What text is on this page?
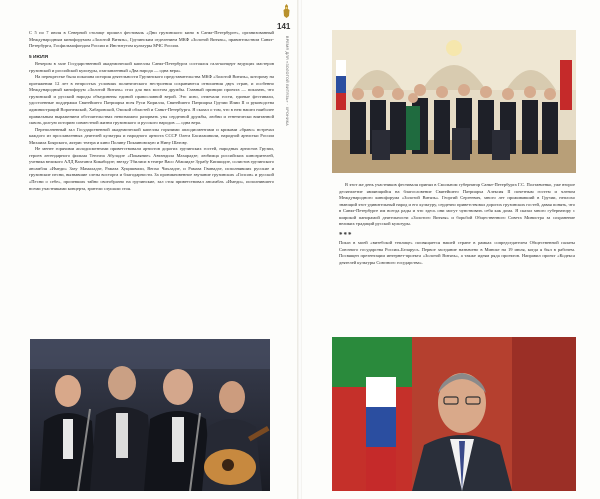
С 5 по 7 июля в Северной столице прошел фестиваль «Дни грузинского кино в Санкт-Петербурге», организованный Международным кинофорумом «Золотой Витязь», Грузинским отделением МКФ «Золотой Витязь», правительством Санкт-Петербурга, Госфильмофондом России и Институтом культуры МЧС России.

5 ИЮЛЯ

Вечером в зале Государственной академической капеллы Санкт-Петербурга состоялся гала-концерт ведущих мастеров грузинской и российской культуры, озаглавленный «Два народа — одна вера».

На перекрестке была показана история деятельности Грузинского представительства МКФ «Золотой Витязь», которому на протяжении 12 лет в непростых условиях политического нестроения сохраняются отношения двух стран, и особенно Международный кинофорум «Золотой Витязь» стал для них мостом дружбы. Главный принцип проекта — показать, что грузинский и русский народы объединены единой православной верой. Это ясно, отмечали гости, единые фестивали, удостоенные поддержки Святейшего Патриарха всея Руси Кирилла, Святейшего Патриарха Грузии Илии II и руководства администраций Воронежской, Хабаровской, Омской областей и Санкт-Петербурга. Я сказал о том, что в нем нашел наиболее правильным выражением обстоятельствах невозможно разорвать узы сердечной дружбы, любви и генетически впитанной сквозь долгую историю совместной жизни грузинского и русского народов — одна вера.

Переполненный зал Государственной академической капеллы горячими аплодисментами и криками «браво» встречал каждого из прославленных деятелей культуры и народного артиста СССР Олега Басилашвили, народной артистки России Михаила Боярского, актрис театра и кино Полину Покаиновскую и Нину Шатову.

Не менее горячими аплодисментами приветствовали артистов дорогих грузинских гостей, народных артистов Грузии, героев легендарного фильма Тенгиза Абуладзе «Покаяние» Автандила Махарадзе; любимца российских кинозрителей, ученика великого АЛД Вахтанга Кикабидзе; звезду Тбилиси в театре Васо Абашидзе Зурабу Кипшидзе, солистов грузинского ансамбля «Имеди» Зазу Мамаладзе, Рамаза Хуцишвили, Вепхо Чихладзе, и Рамаза Гвинадзе, исполнявших русские и грузинские песни, вызвавшие слезы восторга и благодарности. За проникновенное звучание грузинских «Гопсов» и русской «Песни о себе», пропевших тайно своеобразно на грузинские, зал стоя приветствовал ансамбль «Имеди», исполнившего всеми участниками концерта, зрители слушали стоя.

141
ВРЕМЯ ДЛЯ «ЗОЛОТОЙ ВИТЯЗЬ» · ХРОНИКА

В этот же день участников фестиваля принял в Смольном губернатор Санкт-Петербурга Г.С. Полтавченко, уже второе десятилетие являющийся на благословение Святейшего Патриарха Алексия II почетным гостем и членом Международного кинофорума «Золотой Витязь». Георгий Сергеевич, много лет проживавший в Грузии, неплохо знающий этот удивительный народ и его культуру, сердечно приветствовал дорогих грузинских гостей, давая понять, что в Санкт-Петербурге им всегда рады и что здесь они могут чувствовать себя как дома. Я сказал много губернатору с широкой панорамой деятельности «Золотого Витязя» и борьбой Общественного Совета Министра за сохранение великих традиций русской культуры.

***

Показ в моей «витебской теплице» посвящается нашей стране в рамках сопредседателем Общественной палаты Союзного государства России–Беларусь. Первое заседание назначено в Минске на 19 июля, когда я был в рабочем. Посвящен презентации интернет-проекта «Золотой Витязь», а также идеям ряда проектов. Направил проект «Кодекса деятелей культуры Союзного государства».
